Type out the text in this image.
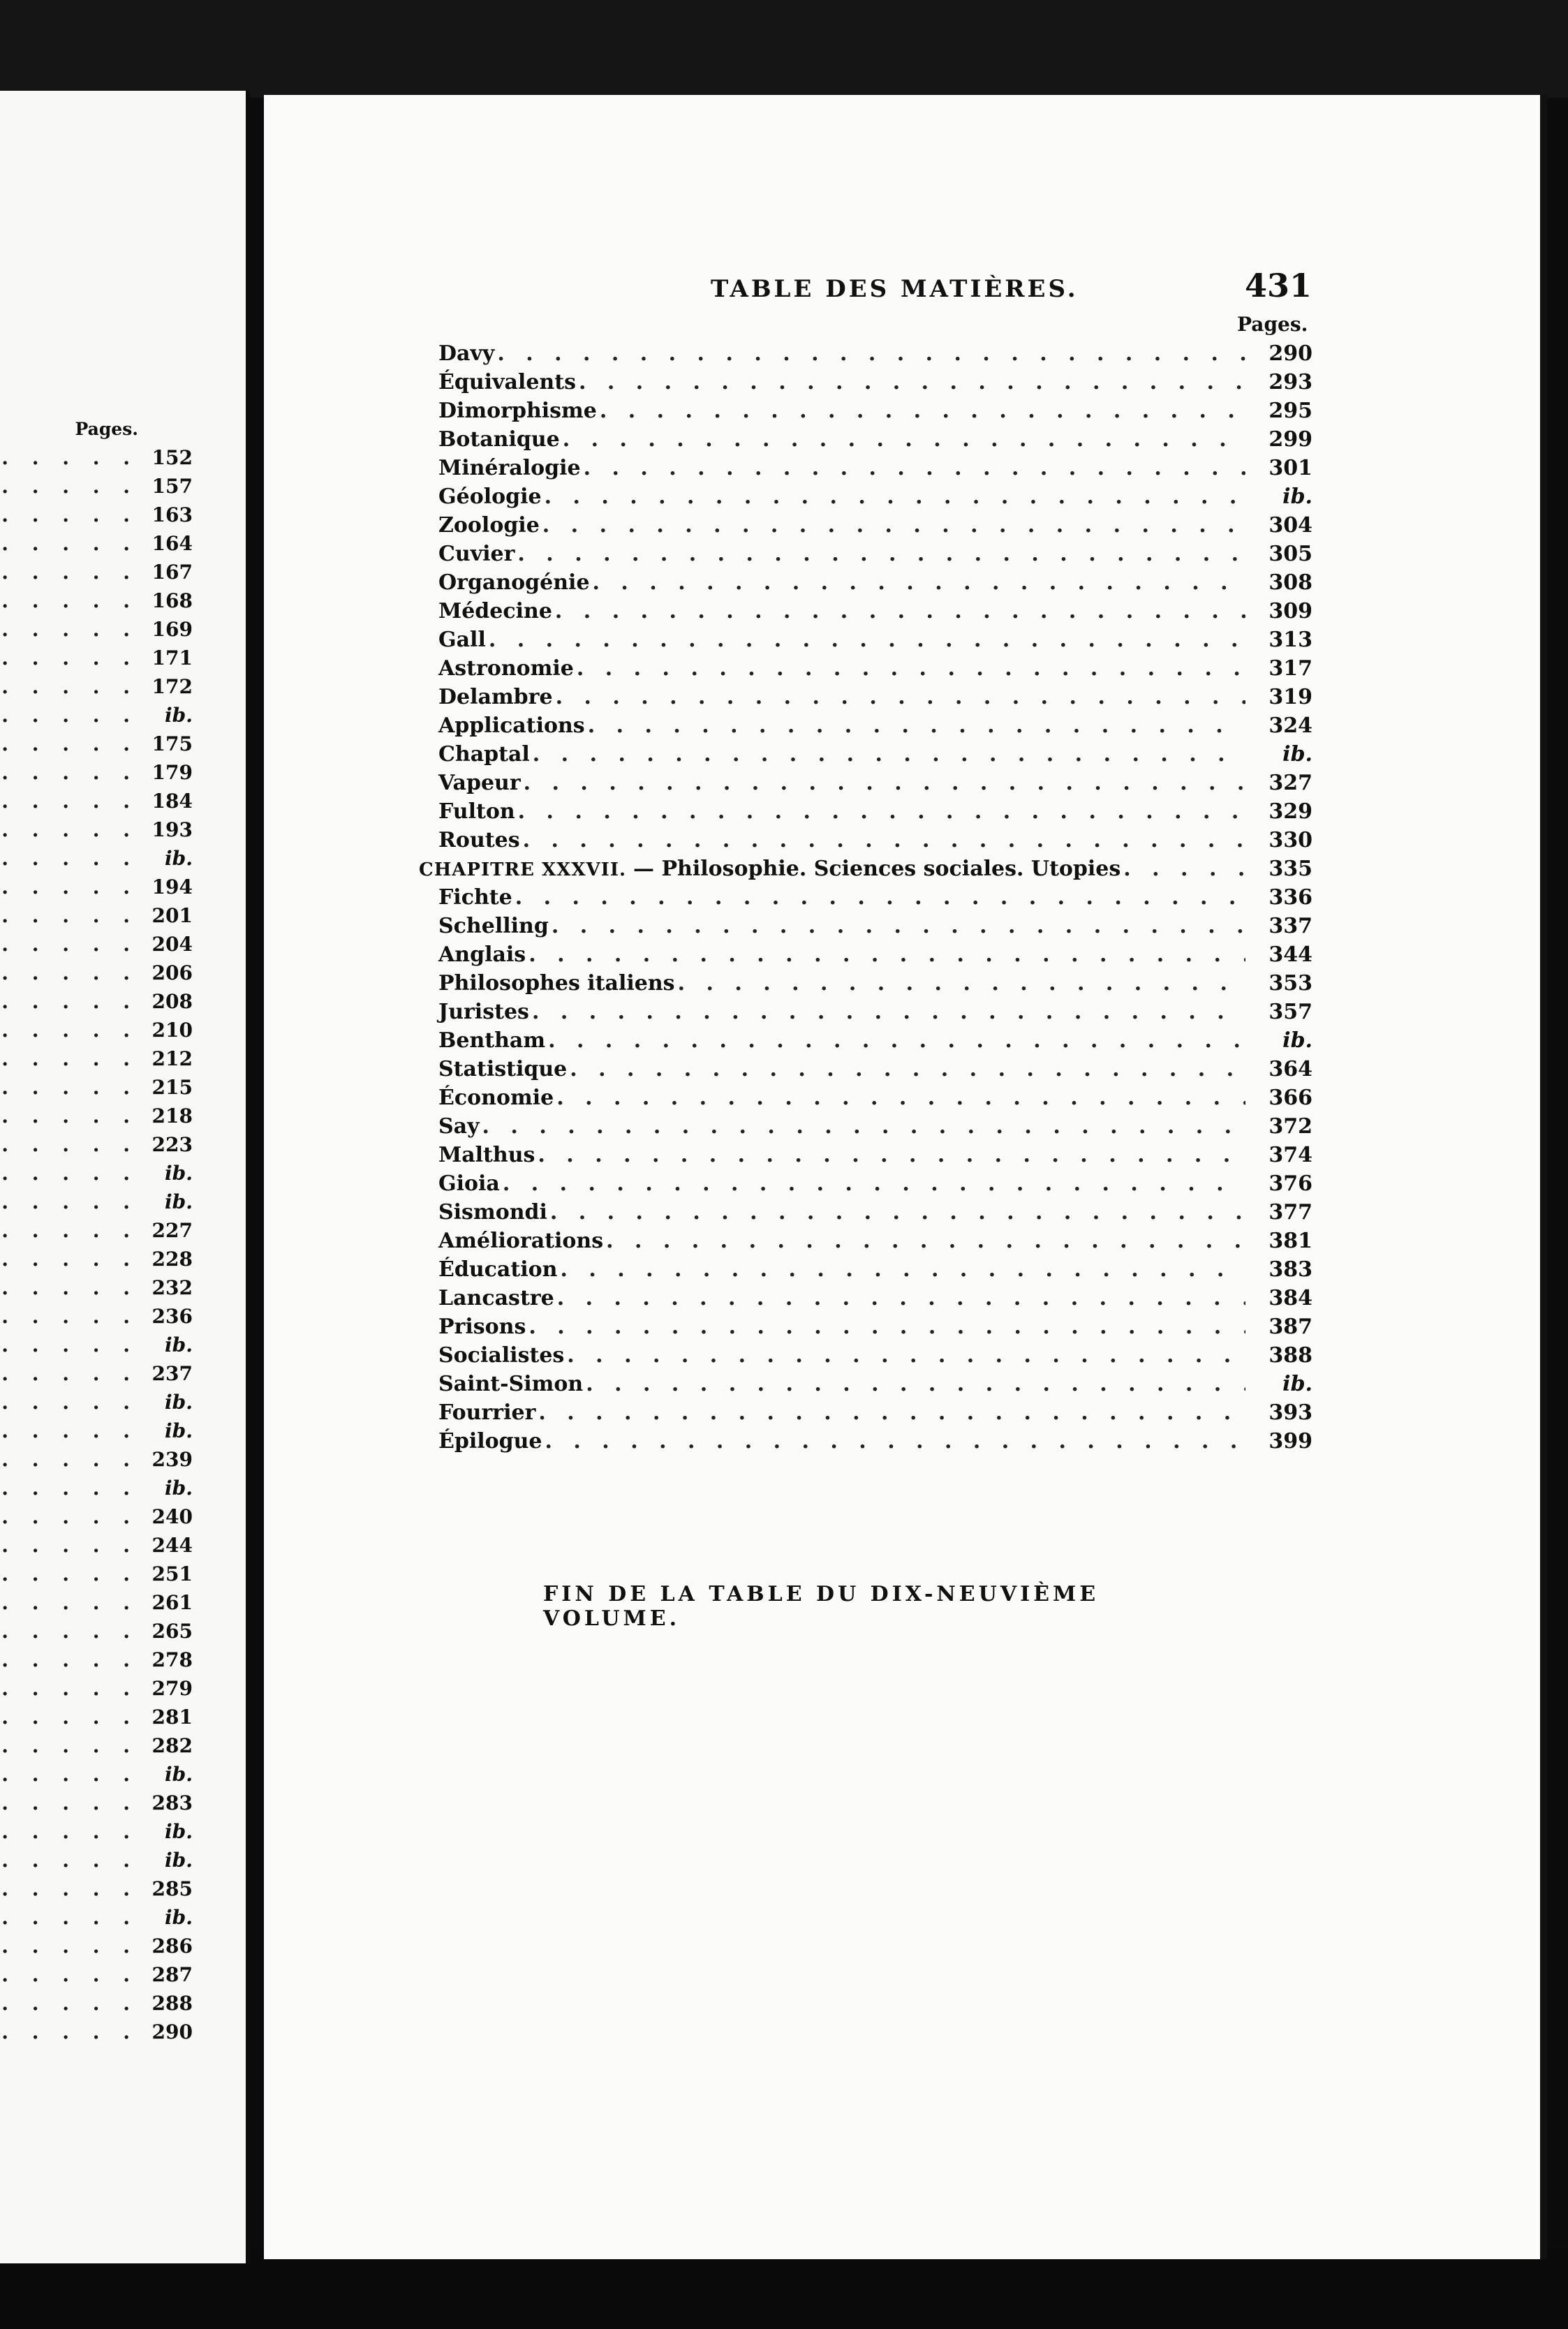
Pages.
. . . . . 152
. . . . . 157
. . . . . 163
. . . . . 164
. . . . . 167
. . . . . 168
. . . . . 169
. . . . . 171
. . . . . 172
. . . . .	ib.
. . . . . 175
. . . . . 179
. . . . . 184
. . . . . 193
. . . . .	ib.
. . . . . 194
. . . . . 201
. . . . . 204
. . . . . 206
. . . . . 208
. . . . . 210
. . . . . 212
. . . . . 215
. . . . . 218
. . . . . 223
. . . . .	ib.
. . . . .	ib.
. . . . . 227
. . . . . 228
. . . . . 232
. . . . . 236
. . . . .	ib.
. . . . . 237
. . . . .	ib.
. . . . .	ib.
. . . . . 239
. . . . .	ib.
. . . . . 240
. . . . . 244
. . . . . 251
. . . . . 261
. . . . . 265
. . . . . 278
. . . . . 279
. . . . . 281
. . . . . 282
. . . . .	ib.
. . . . . 283
. . . . .	ib.
. . . . .	ib.
. . . . . 285
. . . . .	ib.
. . . . . 286
. . . . . 287
. . . . . 288
. . . . . 290
TABLE DES MATIÈRES.	431
Pages.
Davy . . .	290
Équivalents . . .	293
Dimorphisme . . .	295
Botanique . . .	299
Minéralogie . . .	301
Géologie . . .	ib.
Zoologie . . .	304
Cuvier . . .	305
Organogénie . . .	308
Médecine . . .	309
Gall . . .	313
Astronomie . . .	317
Delambre . . .	319
Applications . . .	324
Chaptal . . .	ib.
Vapeur . . .	327
Fulton . . .	329
Routes . . .	330
CHAPITRE XXXVII. — Philosophie. Sciences sociales. Utopies . . .	335
Fichte . . .	336
Schelling . . .	337
Anglais . . .	344
Philosophes italiens . . .	353
Juristes . . .	357
Bentham . . .	ib.
Statistique . . .	364
Économie . . .	366
Say . . .	372
Malthus . . .	374
Gioia . . .	376
Sismondi . . .	377
Améliorations . . .	381
Éducation . . .	383
Lancastre . . .	384
Prisons . . .	387
Socialistes . . .	388
Saint-Simon . . .	ib.
Fourrier . . .	393
Épilogue . . .	399
FIN DE LA TABLE DU DIX-NEUVIÈME VOLUME.
